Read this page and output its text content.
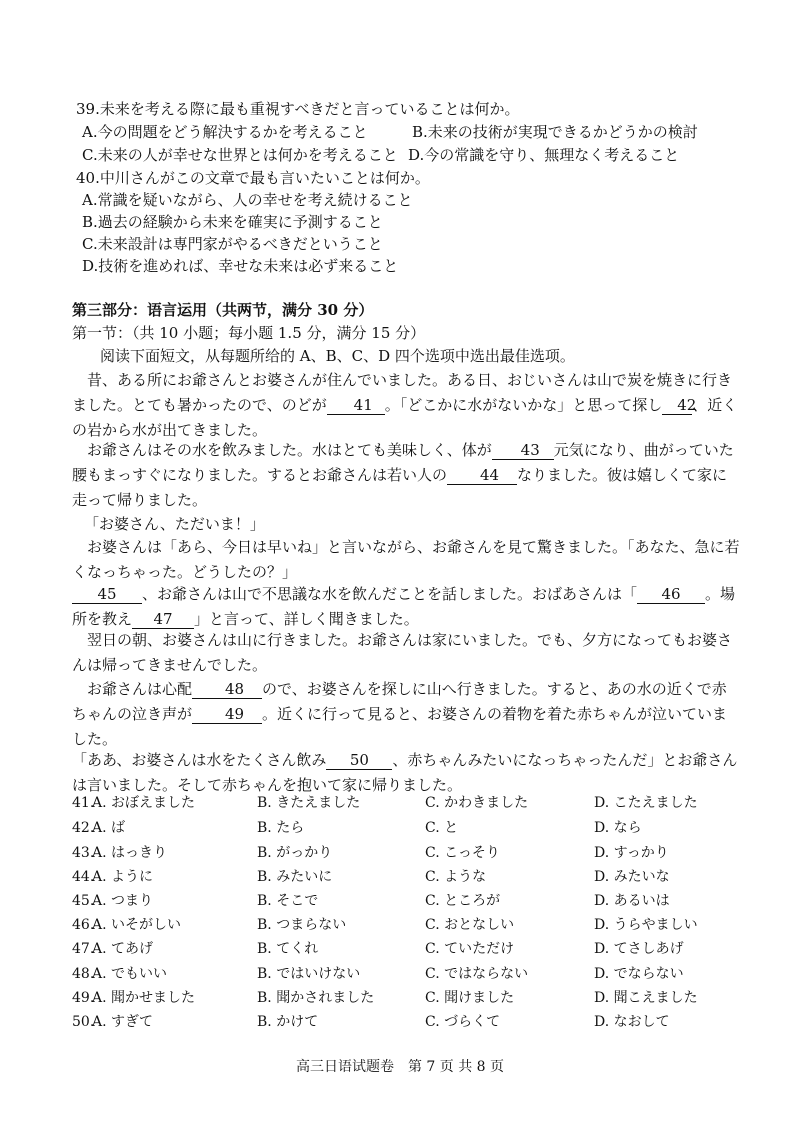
39.未来を考える際に最も重視すべきだと言っていることは何か。
A.今の問題をどう解決するかを考えること	B.未来の技術が実現できるかどうかの検討
C.未来の人が幸せな世界とは何かを考えること D.今の常識を守り、無理なく考えること
40.中川さんがこの文章で最も言いたいことは何か。
A.常識を疑いながら、人の幸せを考え続けること
B.過去の経験から未来を確実に予測すること
C.未来設計は専門家がやるべきだということ
D.技術を進めれば、幸せな未来は必ず来ること
第三部分：语言运用（共两节，满分 30 分）
第一节：（共 10 小题；每小题 1.5 分，满分 15 分）
阅读下面短文，从每题所给的 A、B、C、D 四个选项中选出最佳选项。
昔、ある所にお爺さんとお婆さんが住んでいました。ある日、おじいさんは山で炭を焼きに行きました。とても暑かったので、のどが 41 。「どこかに水がないかな」と思って探し 42、近くの岩から水が出てきました。
お爺さんはその水を飲みました。水はとても美味しく、体が 43 元気になり、曲がっていた腰もまっすぐになりました。するとお爺さんは若い人の 44 なりました。彼は嬉しくて家に走って帰りました。
「お婆さん、ただいま！」
お婆さんは「あら、今日は早いね」と言いながら、お爺さんを見て驚きました。「あなた、急に若くなっちゃった。どうしたの？」
45 、お爺さんは山で不思議な水を飲んだことを話しました。おばあさんは「 46 。場所を教え 47 」と言って、詳しく聞きました。
翌日の朝、お婆さんは山に行きました。お爺さんは家にいました。でも、夕方になってもお婆さんは帰ってきませんでした。
お爺さんは心配 48 ので、お婆さんを探しに山へ行きました。すると、あの水の近くで赤ちゃんの泣き声が 49 。近くに行って見ると、お婆さんの着物を着た赤ちゃんが泣いていました。
「ああ、お婆さんは水をたくさん飲み 50 、赤ちゃんみたいになっちゃったんだ」とお爺さんは言いました。そして赤ちゃんを抱いて家に帰りました。
41.
A. おぼえました	B. きたえました	C. かわきました	D. こたえました
42.
A. ば	B. たら	C. と	D. なら
43.
A. はっきり	B. がっかり	C. こっそり	D. すっかり
44.
A. ように	B. みたいに	C. ような	D. みたいな
45.
A. つまり	B. そこで	C. ところが	D. あるいは
46.
A. いそがしい	B. つまらない	C. おとなしい	D. うらやましい
47.
A. てあげ	B. てくれ	C. ていただけ	D. てさしあげ
48.
A. でもいい	B. ではいけない	C. ではならない	D. でならない
49.
A. 聞かせました	B. 聞かされました	C. 聞けました	D. 聞こえました
50.
A. すぎて	B. かけて	C. づらくて	D. なおして
高三日语试题卷　第 7 页 共 8 页
